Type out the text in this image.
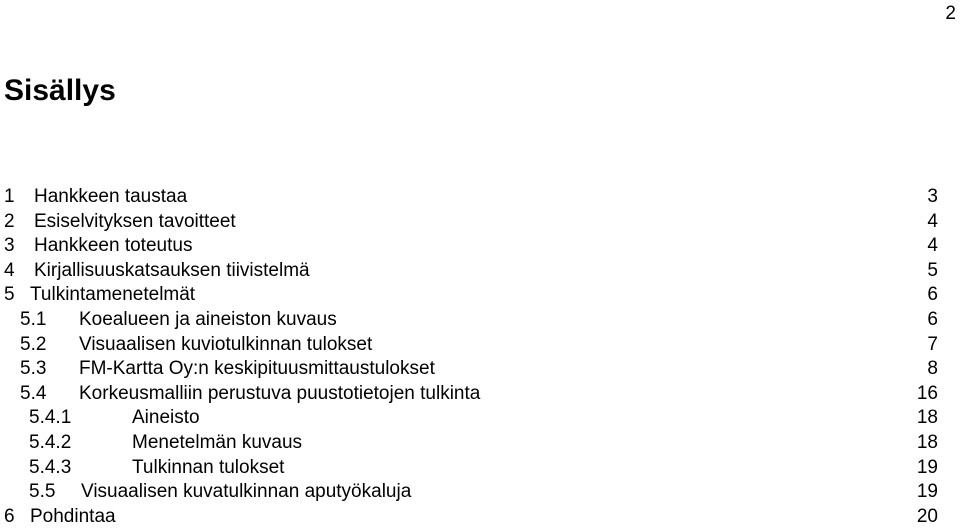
2
Sisällys
1 Hankkeen taustaa	3
2 Esiselvityksen tavoitteet	4
3 Hankkeen toteutus	4
4 Kirjallisuuskatsauksen tiivistelmä	5
5 Tulkintamenetelmät	6
5.1 Koealueen ja aineiston kuvaus	6
5.2 Visuaalisen kuviotulkinnan tulokset	7
5.3 FM-Kartta Oy:n keskipituusmittaustulokset	8
5.4 Korkeusmalliin perustuva puustotietojen tulkinta	16
5.4.1	Aineisto	18
5.4.2	Menetelmän kuvaus	18
5.4.3	Tulkinnan tulokset	19
5.5 Visuaalisen kuvatulkinnan aputyökaluja	19
6 Pohdintaa	20
